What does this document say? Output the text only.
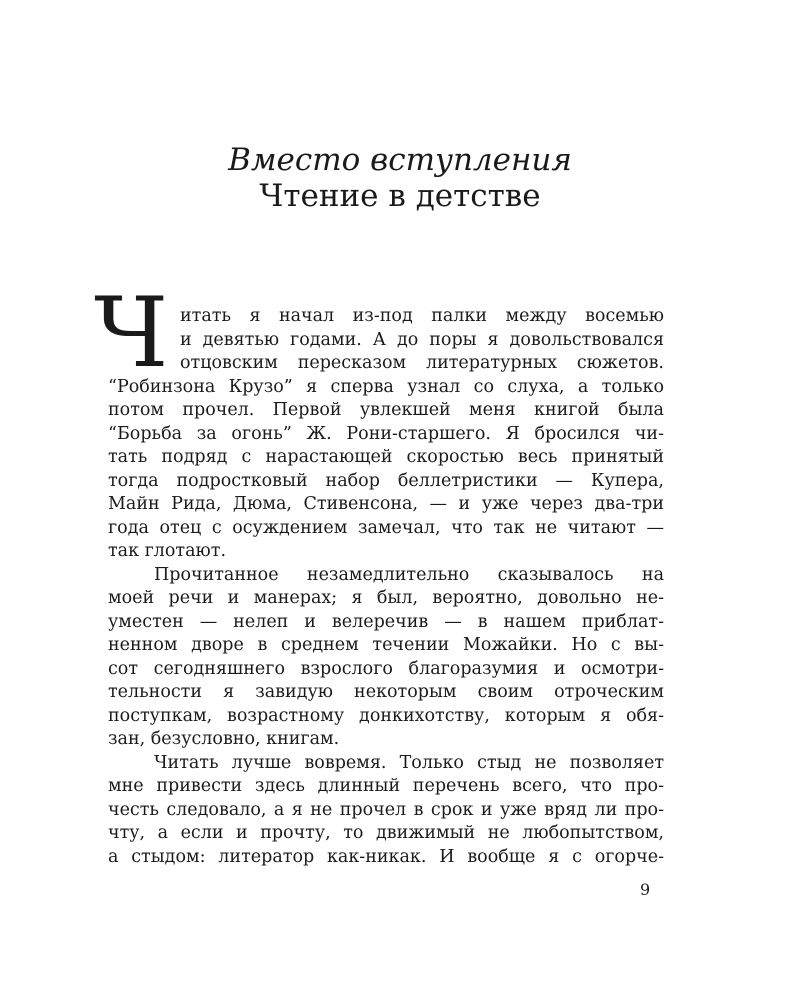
Вместо вступления
Чтение в детстве
Ч итать я начал из-под палки между восемью
и девятью годами. А до поры я довольствовался
отцовским пересказом литературных сюжетов.
“Робинзона Крузо” я сперва узнал со слуха, а только
потом прочел. Первой увлекшей меня книгой была
“Борьба за огонь” Ж. Рони-старшего. Я бросился чи-
тать подряд с нарастающей скоростью весь принятый
тогда подростковый набор беллетристики — Купера,
Майн Рида, Дюма, Стивенсона, — и уже через два-три
года отец с осуждением замечал, что так не читают —
так глотают.
Прочитанное незамедлительно сказывалось на
моей речи и манерах; я был, вероятно, довольно не-
уместен — нелеп и велеречив — в нашем приблат-
ненном дворе в среднем течении Можайки. Но с вы-
сот сегодняшнего взрослого благоразумия и осмотри-
тельности я завидую некоторым своим отроческим
поступкам, возрастному донкихотству, которым я обя-
зан, безусловно, книгам.
Читать лучше вовремя. Только стыд не позволяет
мне привести здесь длинный перечень всего, что про-
честь следовало, а я не прочел в срок и уже вряд ли про-
чту, а если и прочту, то движимый не любопытством,
а стыдом: литератор как-никак. И вообще я с огорче-
9
